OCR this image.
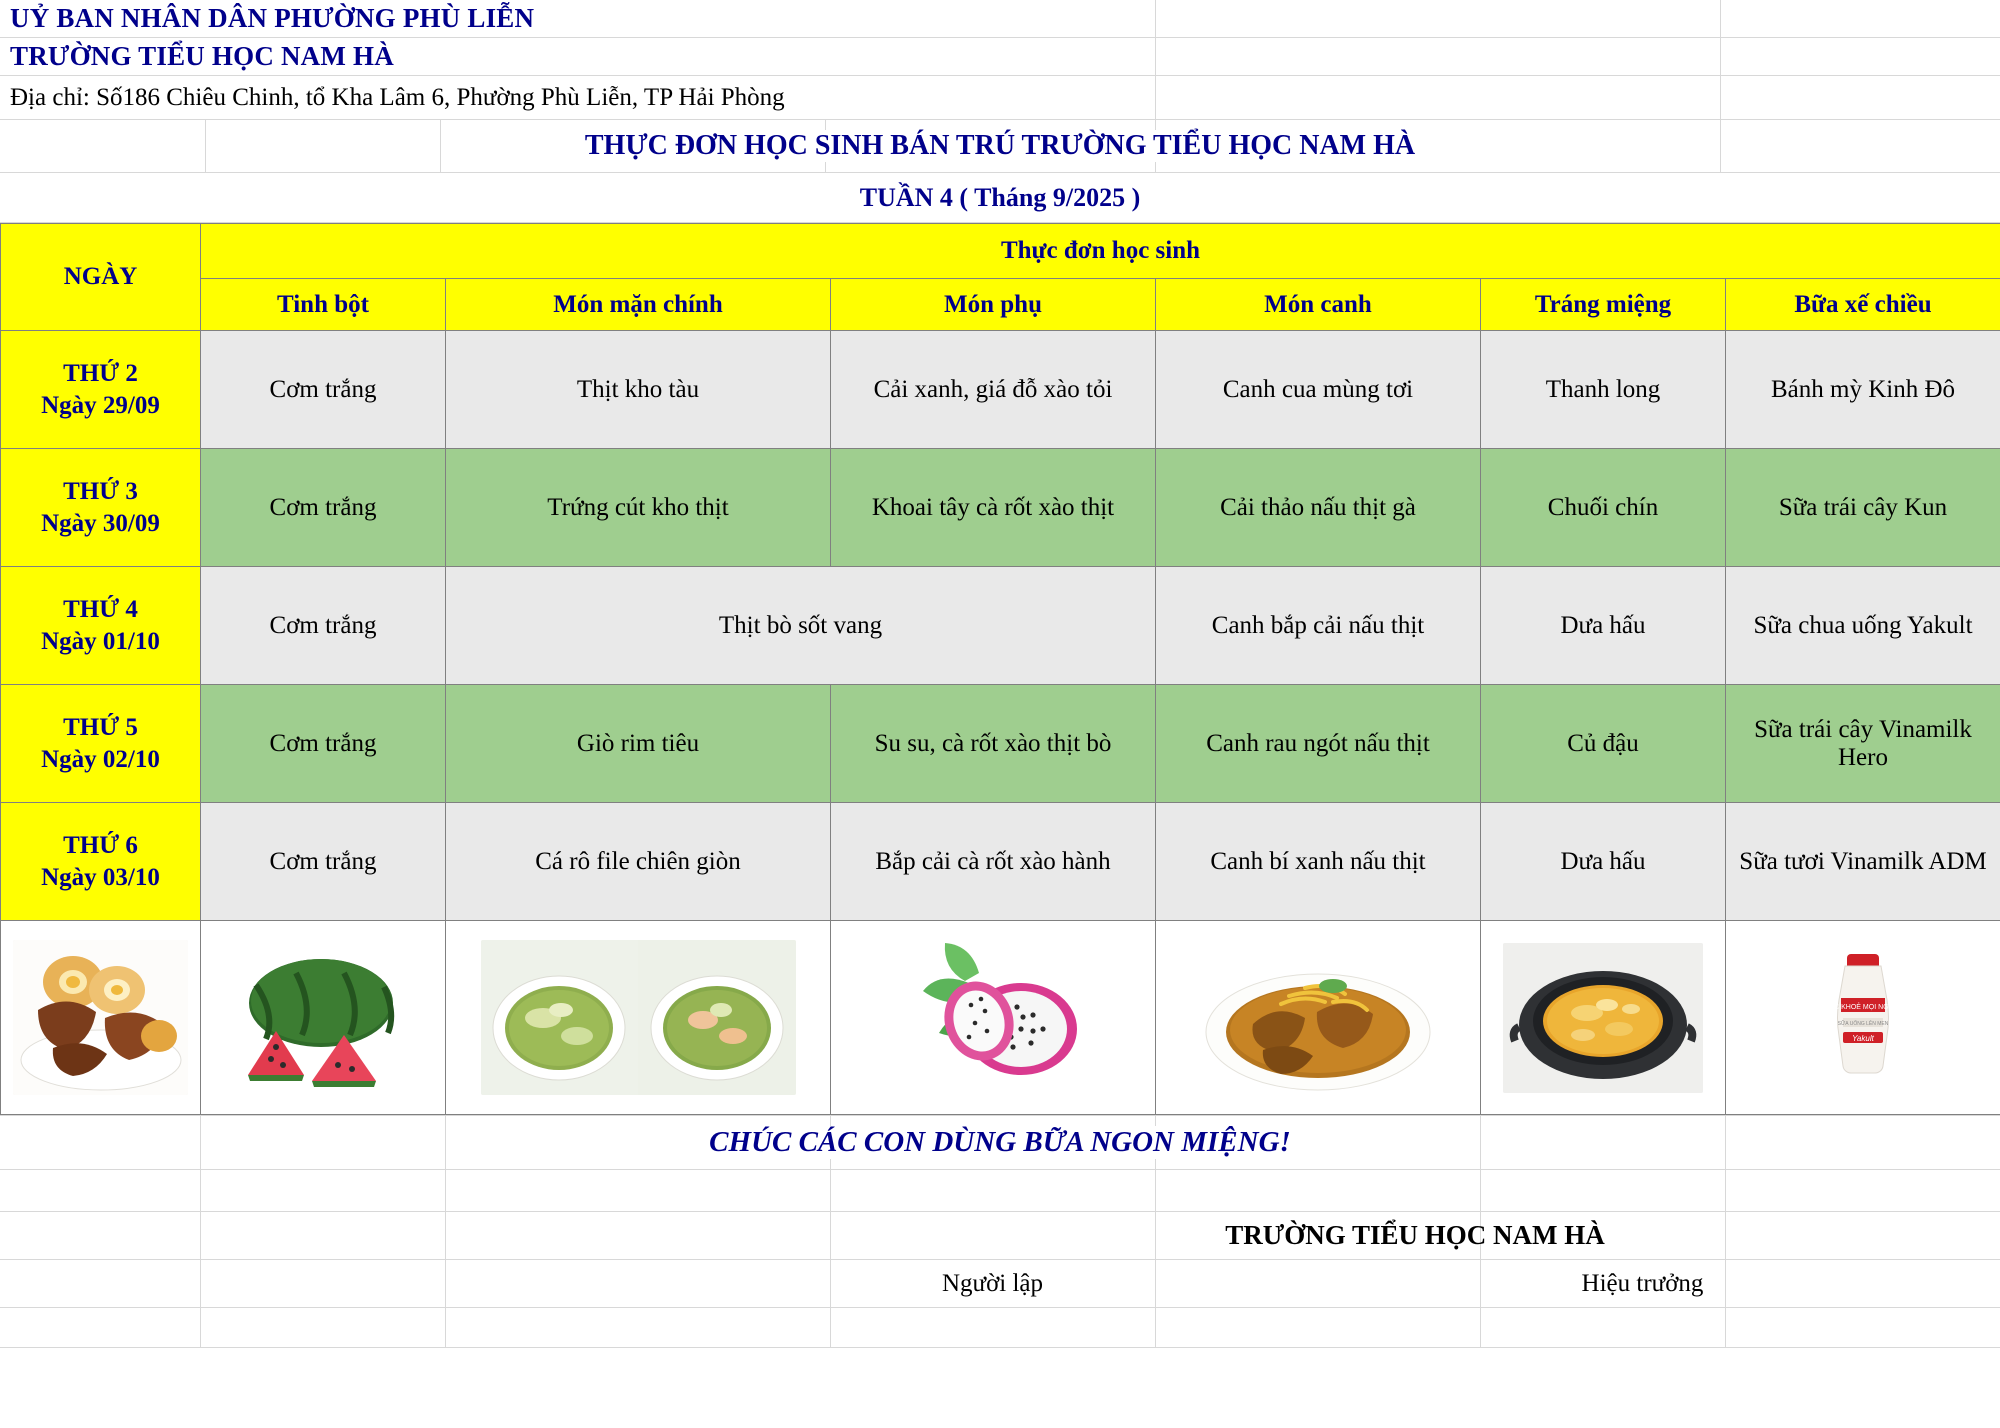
UỶ BAN NHÂN DÂN PHƯỜNG PHÙ LIỄN
TRƯỜNG TIỂU HỌC NAM HÀ
Địa chỉ: Số186 Chiêu Chinh, tổ Kha Lâm 6, Phường Phù Liễn, TP Hải Phòng
THỰC ĐƠN HỌC SINH BÁN TRÚ TRƯỜNG TIỂU HỌC NAM HÀ
TUẦN 4 ( Tháng 9/2025 )
NGÀY	Thực đơn học sinh					
	Tinh bột	Món mặn chính	Món phụ	Món canh	Tráng miệng	Bữa xế chiều

THỨ 2
Ngày 29/09	Cơm trắng	Thịt kho tàu	Cải xanh, giá đỗ xào tỏi	Canh cua mùng tơi	Thanh long	Bánh mỳ Kinh Đô

THỨ 3
Ngày 30/09	Cơm trắng	Trứng cút kho thịt	Khoai tây cà rốt xào thịt	Cải thảo nấu thịt gà	Chuối chín	Sữa trái cây Kun

THỨ 4
Ngày 01/10	Cơm trắng	Thịt bò sốt vang		Canh bắp cải nấu thịt	Dưa hấu	Sữa chua uống Yakult

THỨ 5
Ngày 02/10	Cơm trắng	Giò rim tiêu	Su su, cà rốt xào thịt bò	Canh rau ngót nấu thịt	Củ đậu	Sữa trái cây Vinamilk Hero

THỨ 6
Ngày 03/10	Cơm trắng	Cá rô file chiên giòn	Bắp cải cà rốt xào hành	Canh bí xanh nấu thịt	Dưa hấu	Sữa tươi Vinamilk ADM

SỨC KHOẺ MỌI NGƯỜI
Yakult
SỮA UỐNG LÊN MEN
CHÚC CÁC CON DÙNG BỮA NGON MIỆNG!
TRƯỜNG TIỂU HỌC NAM HÀ
Người lập	Hiệu trưởng
